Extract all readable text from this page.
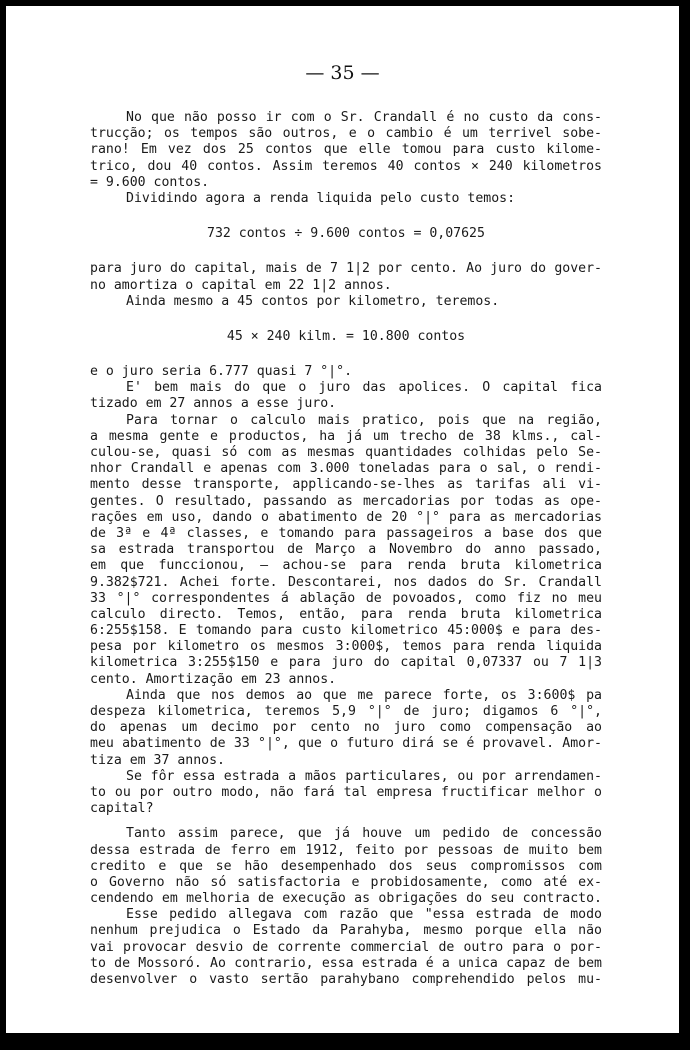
— 35 —
No que não posso ir com o Sr. Crandall é no custo da cons-
trucção; os tempos são outros, e o cambio é um terrivel sobe-
rano! Em vez dos 25 contos que elle tomou para custo kilome-
trico, dou 40 contos. Assim teremos 40 contos × 240 kilometros
= 9.600 contos.
Dividindo agora a renda liquida pelo custo temos:
732 contos ÷ 9.600 contos = 0,07625
para juro do capital, mais de 7 1|2 por cento. Ao juro do gover-
no amortiza o capital em 22 1|2 annos.
Ainda mesmo a 45 contos por kilometro, teremos.
45 × 240 kilm. = 10.800 contos
e o juro seria 6.777 quasi 7 °|°.
E' bem mais do que o juro das apolices. O capital fica
tizado em 27 annos a esse juro.
Para tornar o calculo mais pratico, pois que na região,
a mesma gente e productos, ha já um trecho de 38 klms., cal-
culou-se, quasi só com as mesmas quantidades colhidas pelo Se-
nhor Crandall e apenas com 3.000 toneladas para o sal, o rendi-
mento desse transporte, applicando-se-lhes as tarifas ali vi-
gentes. O resultado, passando as mercadorias por todas as ope-
rações em uso, dando o abatimento de 20 °|° para as mercadorias
de 3ª e 4ª classes, e tomando para passageiros a base dos que
sa estrada transportou de Março a Novembro do anno passado,
em que funccionou, — achou-se para renda bruta kilometrica
9.382$721. Achei forte. Descontarei, nos dados do Sr. Crandall
33 °|° correspondentes á ablação de povoados, como fiz no meu
calculo directo. Temos, então, para renda bruta kilometrica
6:255$158. E tomando para custo kilometrico 45:000$ e para des-
pesa por kilometro os mesmos 3:000$, temos para renda liquida
kilometrica 3:255$150 e para juro do capital 0,07337 ou 7 1|3
cento. Amortização em 23 annos.
Ainda que nos demos ao que me parece forte, os 3:600$ pa
despeza kilometrica, teremos 5,9 °|° de juro; digamos 6 °|°,
do apenas um decimo por cento no juro como compensação ao
meu abatimento de 33 °|°, que o futuro dirá se é provavel. Amor-
tiza em 37 annos.
Se fôr essa estrada a mãos particulares, ou por arrendamen-
to ou por outro modo, não fará tal empresa fructificar melhor o
capital?
Tanto assim parece, que já houve um pedido de concessão
dessa estrada de ferro em 1912, feito por pessoas de muito bem
credito e que se hão desempenhado dos seus compromissos com
o Governo não só satisfactoria e probidosamente, como até ex-
cendendo em melhoria de execução as obrigações do seu contracto.
Esse pedido allegava com razão que "essa estrada de modo
nenhum prejudica o Estado da Parahyba, mesmo porque ella não
vai provocar desvio de corrente commercial de outro para o por-
to de Mossoró. Ao contrario, essa estrada é a unica capaz de bem
desenvolver o vasto sertão parahybano comprehendido pelos mu-
